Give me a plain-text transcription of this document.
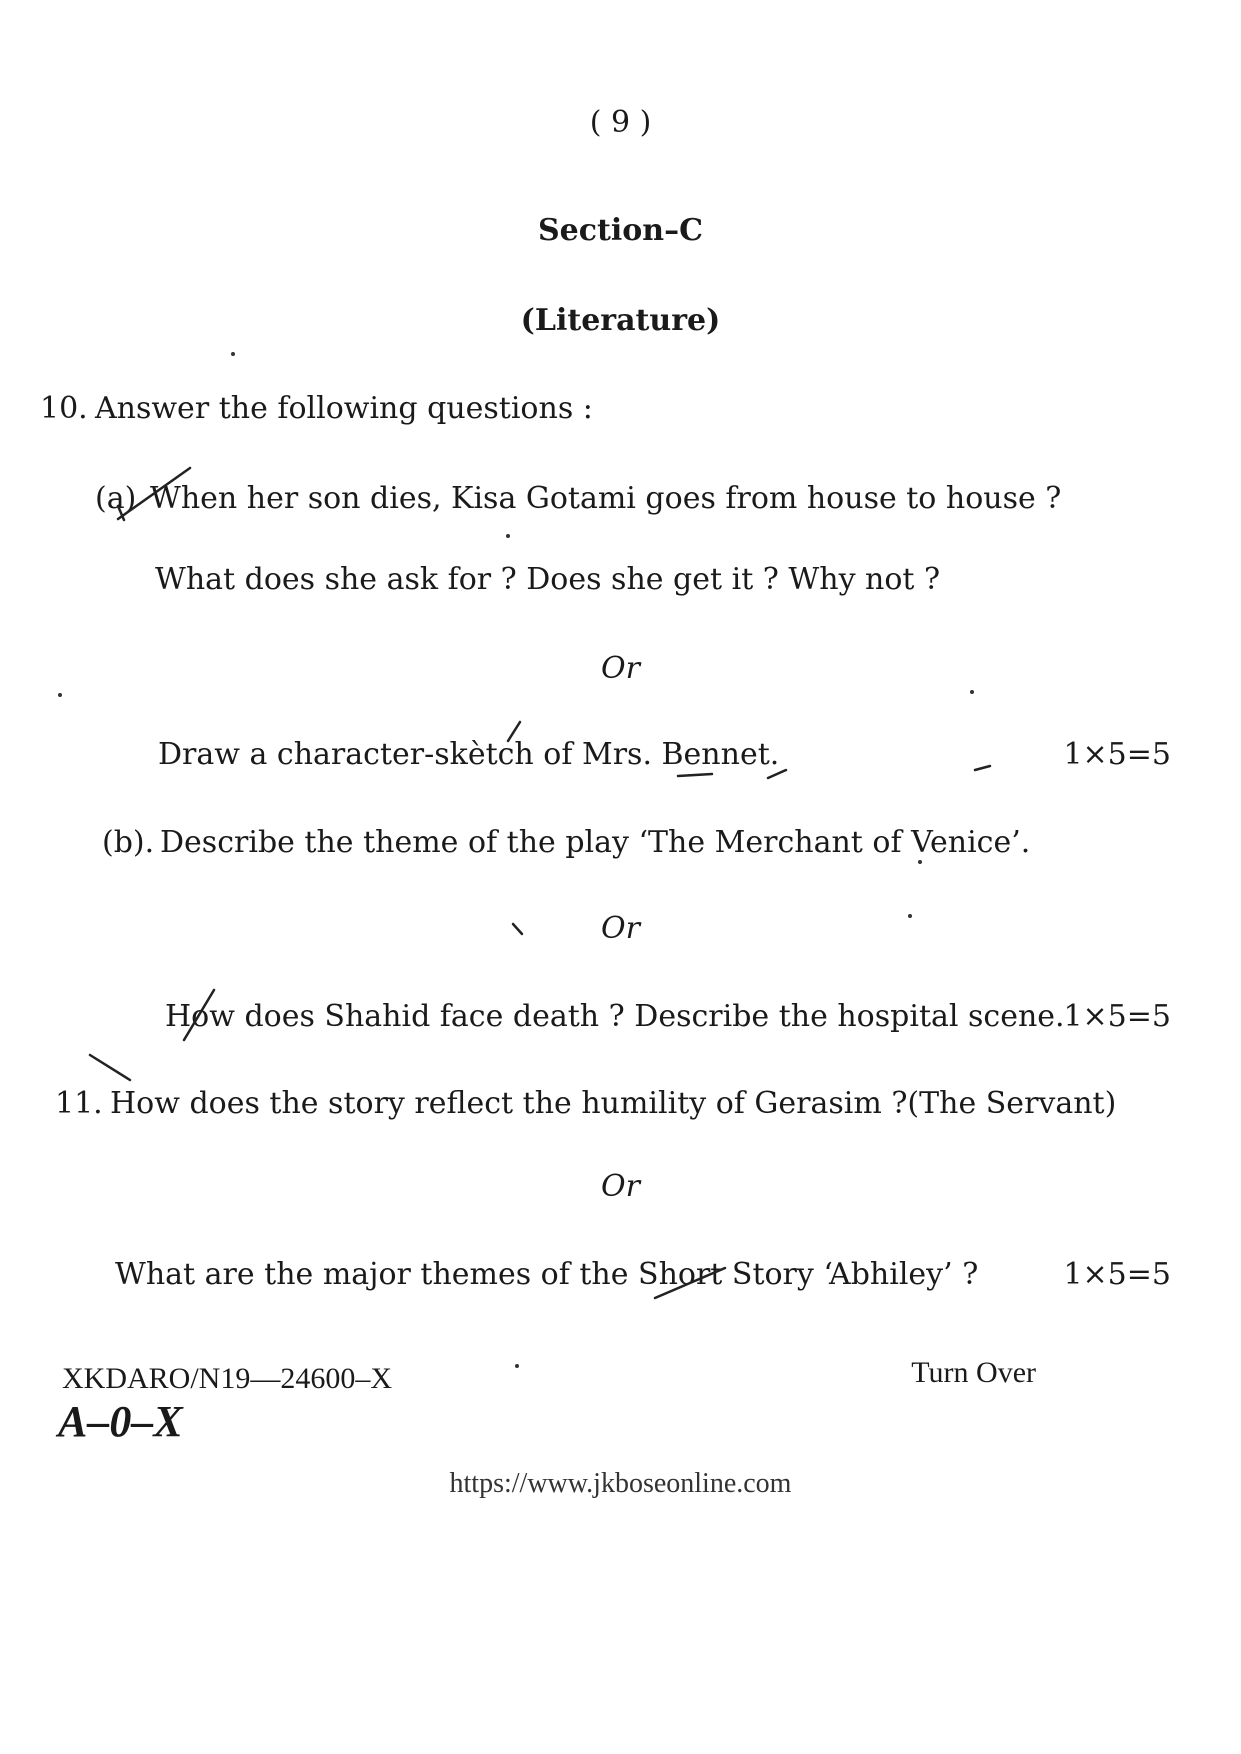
( 9 )
Section–C
(Literature)
10. Answer the following questions :
(a) When her son dies, Kisa Gotami goes from house to house ?
What does she ask for ? Does she get it ? Why not ?
Or
Draw a character-skètch of Mrs. Bennet.	1×5=5
(b). Describe the theme of the play ‘The Merchant of Venice’.
Or
How does Shahid face death ? Describe the hospital scene.
1×5=5
11. How does the story reflect the humility of Gerasim ?(The Servant)
Or
What are the major themes of the Short Story ‘Abhiley’ ?	1×5=5
XKDARO/N19—24600–X	Turn Over
A–0–X
https://www.jkboseonline.com
